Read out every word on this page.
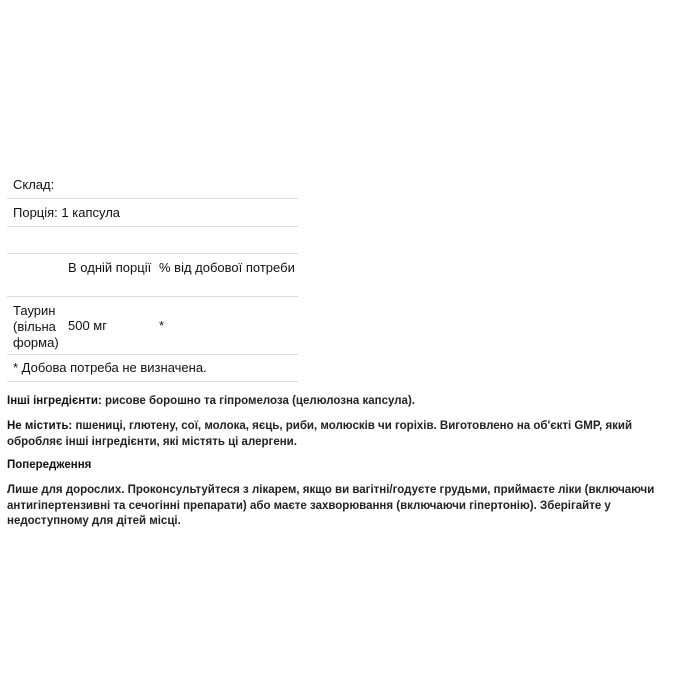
Склад:
Порція: 1 капсула
В одній порції % від добової потреби
Таурин (вільна форма)
500 мг	*
* Добова потреба не визначена.
Інші інгредієнти: рисове борошно та гіпромелоза (целюлозна капсула).
Не містить: пшениці, глютену, сої, молока, яєць, риби, молюсків чи горіхів. Виготовлено на об'єкті GMP, який обробляє інші інгредієнти, які містять ці алергени.
Попередження
Лише для дорослих. Проконсультуйтеся з лікарем, якщо ви вагітні/годуєте грудьми, приймаєте ліки (включаючи антигіпертензивні та сечогінні препарати) або маєте захворювання (включаючи гіпертонію). Зберігайте у недоступному для дітей місці.
